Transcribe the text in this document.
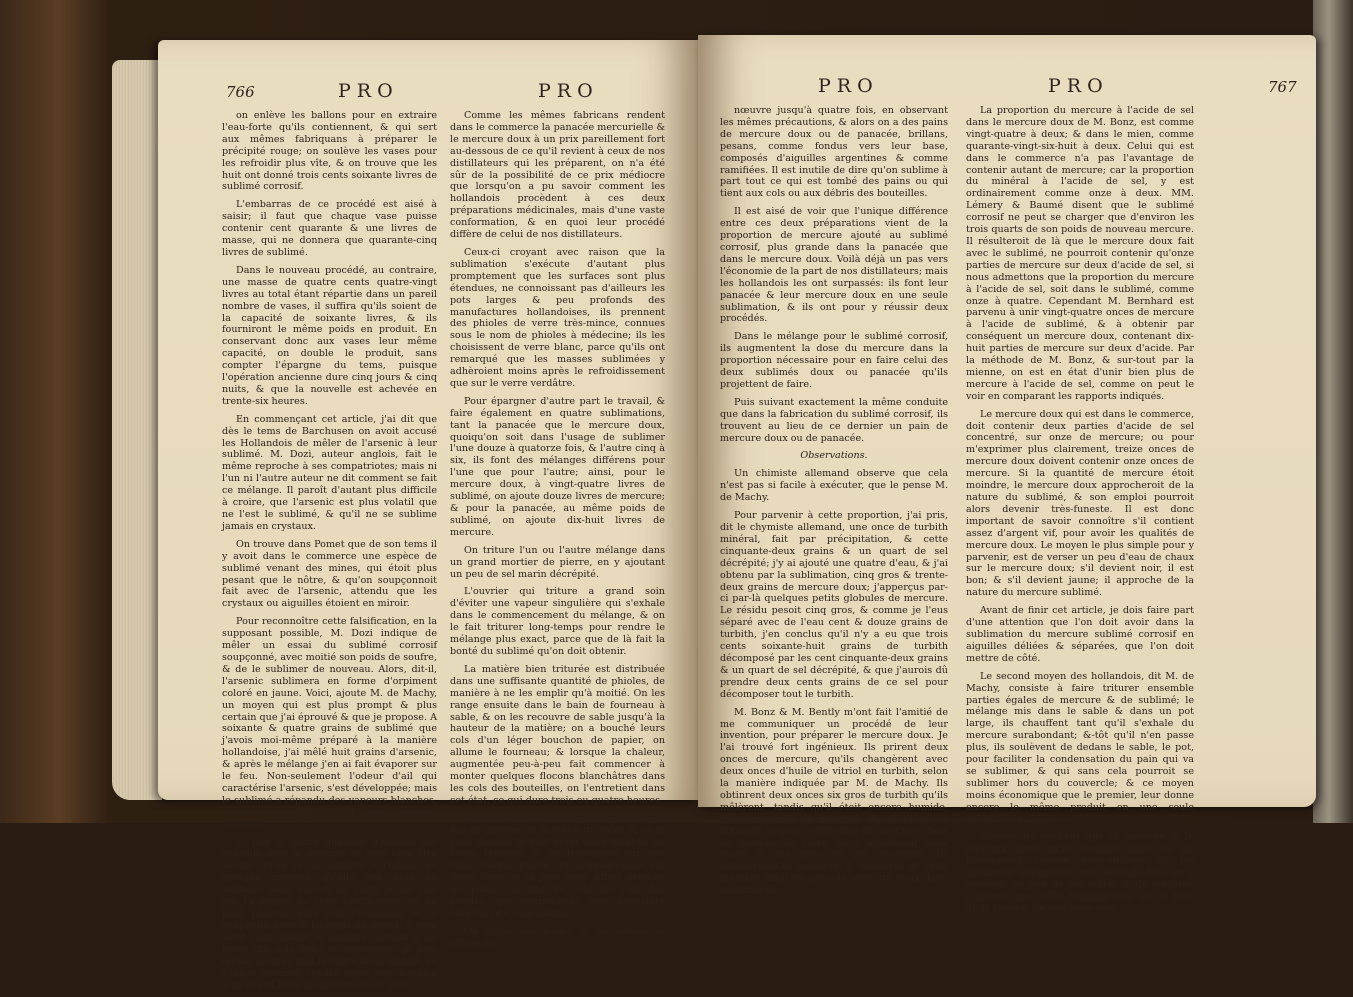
766	PRO	PRO

on enlève les ballons pour en extraire l'eau-forte qu'ils contiennent, & qui sert aux mêmes fabriquans à préparer le précipité rouge; on soulève les vases pour les refroidir plus vîte, & on trouve que les huit ont donné trois cents soixante livres de sublimé corrosif.

L'embarras de ce procédé est aisé à saisir; il faut que chaque vase puisse contenir cent quarante & une livres de masse, qui ne donnera que quarante-cinq livres de sublimé.

Dans le nouveau procédé, au contraire, une masse de quatre cents quatre-vingt livres au total étant répartie dans un pareil nombre de vases, il suffira qu'ils soient de la capacité de soixante livres, & ils fourniront le même poids en produit. En conservant donc aux vases leur même capacité, on double le produit, sans compter l'épargne du tems, puisque l'opération ancienne dure cinq jours & cinq nuits, & que la nouvelle est achevée en trente-six heures.

En commençant cet article, j'ai dit que dès le tems de Barchusen on avoit accusé les Hollandois de mêler de l'arsenic à leur sublimé. M. Dozi, auteur anglois, fait le même reproche à ses compatriotes; mais ni l'un ni l'autre auteur ne dit comment se fait ce mélange. Il paroît d'autant plus difficile à croire, que l'arsenic est plus volatil que ne l'est le sublimé, & qu'il ne se sublime jamais en crystaux.

On trouve dans Pomet que de son tems il y avoit dans le commerce une espèce de sublimé venant des mines, qui étoit plus pesant que le nôtre, & qu'on soupçonnoit fait avec de l'arsenic, attendu que les crystaux ou aiguilles étoient en miroir.

Pour reconnoître cette falsification, en la supposant possible, M. Dozi indique de mêler un essai du sublimé corrosif soupçonné, avec moitié son poids de soufre, & de le sublimer de nouveau. Alors, dit-il, l'arsenic sublimera en forme d'orpiment coloré en jaune. Voici, ajoute M. de Machy, un moyen qui est plus prompt & plus certain que j'ai éprouvé & que je propose. A soixante & quatre grains de sublimé que j'avois moi-même préparé à la manière hollandoise, j'ai mêlé huit grains d'arsenic, & après le mélange j'en ai fait évaporer sur le feu. Non-seulement l'odeur d'ail qui caractérise l'arsenic, s'est développée; mais le sublimé a répandu des vapeurs blanches, tandis que celles de l'arsenic étoient obscures.

Si une si petite quantité d'arsenic est sensible dans le sublimé, on peut bien être assuré qu'on la reconnoîtra à l'odeur, de quelque manière qu'elle soit unie au sublimé; mais encore un coup, je ne vois pas l'à-propos de cette falsification: on ne peut pousser plus loin l'économie & la simplicité dans la fabrique en grand; & cela suffit pour établir le sublimé corrosif à six livres dix sols dans le commerce; je puis même assurer que la fabrication établie en France pourroit rendre cette marchandise à un grand tiers au-dessous de ce prix.

Comme les mêmes fabricans rendent dans le commerce la panacée mercurielle & le mercure doux à un prix pareillement fort au-dessous de ce qu'il revient à ceux de nos distillateurs qui les préparent, on n'a été sûr de la possibilité de ce prix médiocre que lorsqu'on a pu savoir comment les hollandois procèdent à ces deux préparations médicinales, mais d'une vaste conformation, & en quoi leur procédé diffère de celui de nos distillateurs.

Ceux-ci croyant avec raison que la sublimation s'exécute d'autant plus promptement que les surfaces sont plus étendues, ne connoissant pas d'ailleurs les pots larges & peu profonds des manufactures hollandoises, ils prennent des phioles de verre très-mince, connues sous le nom de phioles à médecine; ils les choisissent de verre blanc, parce qu'ils ont remarqué que les masses sublimées y adhèroient moins après le refroidissement que sur le verre verdâtre.

Pour épargner d'autre part le travail, & faire également en quatre sublimations, tant la panacée que le mercure doux, quoiqu'on soit dans l'usage de sublimer l'une douze à quatorze fois, & l'autre cinq à six, ils font des mélanges différens pour l'une que pour l'autre; ainsi, pour le mercure doux, à vingt-quatre livres de sublimé, on ajoute douze livres de mercure; & pour la panacée, au même poids de sublimé, on ajoute dix-huit livres de mercure.

On triture l'un ou l'autre mélange dans un grand mortier de pierre, en y ajoutant un peu de sel marin décrépité.

L'ouvrier qui triture a grand soin d'éviter une vapeur singulière qui s'exhale dans le commencement du mélange, & on le fait triturer long-temps pour rendre le mélange plus exact, parce que de là fait la bonté du sublimé qu'on doit obtenir.

La matière bien triturée est distribuée dans une suffisante quantité de phioles, de manière à ne les emplir qu'à moitié. On les range ensuite dans le bain de fourneau à sable, & on les recouvre de sable jusqu'à la hauteur de la matière; on a bouché leurs cols d'un léger bouchon de papier, on allume le fourneau; & lorsque la chaleur, augmentée peu-à-peu fait commencer à monter quelques flocons blanchâtres dans les cols des bouteilles, on l'entretient dans cet état, ce qui dure trois ou quatre heures.

A mesure que le sublimé d'une phiole est fini de monter, on la retire du sable & on la pose dessus; le tout étant ainsi défablé, on laisse refroidir, & on transporte sur une table chaque phiole, qui ordinairement est toute fêlée, & le plus léger effort détache les pains; on met de côté les cols des phioles qui contiennent une poussière blanche peu consistante.

On broye ces pains, & on réitère la même ma-

PRO	PRO	767

nœuvre jusqu'à quatre fois, en observant les mêmes précautions, & alors on a des pains de mercure doux ou de panacée, brillans, pesans, comme fondus vers leur base, composés d'aiguilles argentines & comme ramifiées. Il est inutile de dire qu'on sublime à part tout ce qui est tombé des pains ou qui tient aux cols ou aux débris des bouteilles.

Il est aisé de voir que l'unique différence entre ces deux préparations vient de la proportion de mercure ajouté au sublimé corrosif, plus grande dans la panacée que dans le mercure doux. Voilà déjà un pas vers l'économie de la part de nos distillateurs; mais les hollandois les ont surpassés: ils font leur panacée & leur mercure doux en une seule sublimation, & ils ont pour y réussir deux procédés.

Dans le mélange pour le sublimé corrosif, ils augmentent la dose du mercure dans la proportion nécessaire pour en faire celui des deux sublimés doux ou panacée qu'ils projettent de faire.

Puis suivant exactement la même conduite que dans la fabrication du sublimé corrosif, ils trouvent au lieu de ce dernier un pain de mercure doux ou de panacée.

Observations.

Un chimiste allemand observe que cela n'est pas si facile à exécuter, que le pense M. de Machy.

Pour parvenir à cette proportion, j'ai pris, dit le chymiste allemand, une once de turbith minéral, fait par précipitation, & cette cinquante-deux grains & un quart de sel décrépité; j'y ai ajouté une quatre d'eau, & j'ai obtenu par la sublimation, cinq gros & trente-deux grains de mercure doux; j'apperçus par-ci par-là quelques petits globules de mercure. Le résidu pesoit cinq gros, & comme je l'eus séparé avec de l'eau cent & douze grains de turbith, j'en conclus qu'il n'y a eu que trois cents soixante-huit grains de turbith décomposé par les cent cinquante-deux grains & un quart de sel décrépité, & que j'aurois dû prendre deux cents grains de ce sel pour décomposer tout le turbith.

M. Bonz & M. Bently m'ont fait l'amitié de me communiquer un procédé de leur invention, pour préparer le mercure doux. Je l'ai trouvé fort ingénieux. Ils prirent deux onces de mercure, qu'ils changèrent avec deux onces d'huile de vitriol en turbith, selon la manière indiquée par M. de Machy. Ils obtinrent deux onces six gros de turbith qu'ils mêlèrent, tandis qu'il étoit encore humide, avec une once de mercure. Ayant broyé ce mélange jusqu'à l'extinction du mercure, dans un mortier de verre, ils y ajoutèrent deux onces & six gros de sel décrépité. Ils sublimèrent ce mélange, & obtinrent de cette manière vingt-six gros de mercure doux, bien conditionné.

La proportion du mercure à l'acide de sel dans le mercure doux de M. Bonz, est comme vingt-quatre à deux; & dans le mien, comme quarante-vingt-six-huit à deux. Celui qui est dans le commerce n'a pas l'avantage de contenir autant de mercure; car la proportion du minéral à l'acide de sel, y est ordinairement comme onze à deux. MM. Lémery & Baumé disent que le sublimé corrosif ne peut se charger que d'environ les trois quarts de son poids de nouveau mercure. Il résulteroit de là que le mercure doux fait avec le sublimé, ne pourroit contenir qu'onze parties de mercure sur deux d'acide de sel, si nous admettons que la proportion du mercure à l'acide de sel, soit dans le sublimé, comme onze à quatre. Cependant M. Bernhard est parvenu à unir vingt-quatre onces de mercure à l'acide de sublimé, & à obtenir par conséquent un mercure doux, contenant dix-huit parties de mercure sur deux d'acide. Par la méthode de M. Bonz, & sur-tout par la mienne, on est en état d'unir bien plus de mercure à l'acide de sel, comme on peut le voir en comparant les rapports indiqués.

Le mercure doux qui est dans le commerce, doit contenir deux parties d'acide de sel concentré, sur onze de mercure; ou pour m'exprimer plus clairement, treize onces de mercure doux doivent contenir onze onces de mercure. Si la quantité de mercure étoit moindre, le mercure doux approcheroit de la nature du sublimé, & son emploi pourroit alors devenir très-funeste. Il est donc important de savoir connoître s'il contient assez d'argent vif, pour avoir les qualités de mercure doux. Le moyen le plus simple pour y parvenir, est de verser un peu d'eau de chaux sur le mercure doux; s'il devient noir, il est bon; & s'il devient jaune; il approche de la nature du mercure sublimé.

Avant de finir cet article, je dois faire part d'une attention que l'on doit avoir dans la sublimation du mercure sublimé corrosif en aiguilles déliées & séparées, que l'on doit mettre de côté.

Le second moyen des hollandois, dit M. de Machy, consiste à faire triturer ensemble parties égales de mercure & de sublimé; le mélange mis dans le sable & dans un pot large, ils chauffent tant qu'il s'exhale du mercure surabondant; &-tôt qu'il n'en passe plus, ils soulèvent de dedans le sable, le pot, pour faciliter la condensation du pain qui va se sublimer, & qui sans cela pourroit se sublimer hors du couvercle; & ce moyen moins économique que le premier, leur donne encore le même produit en une seule sublimation.

Comme ils desirent que la panacée & le mercure doux qu'ils vendent aient un air transparent comme demi-vitrifiés, ils les subliment quelquefois une seconde fois, en y ajoutant un peu de sel marin & de colcotar. J'observe que cette transparence est le fruit de la chaleur un peu forte vers
